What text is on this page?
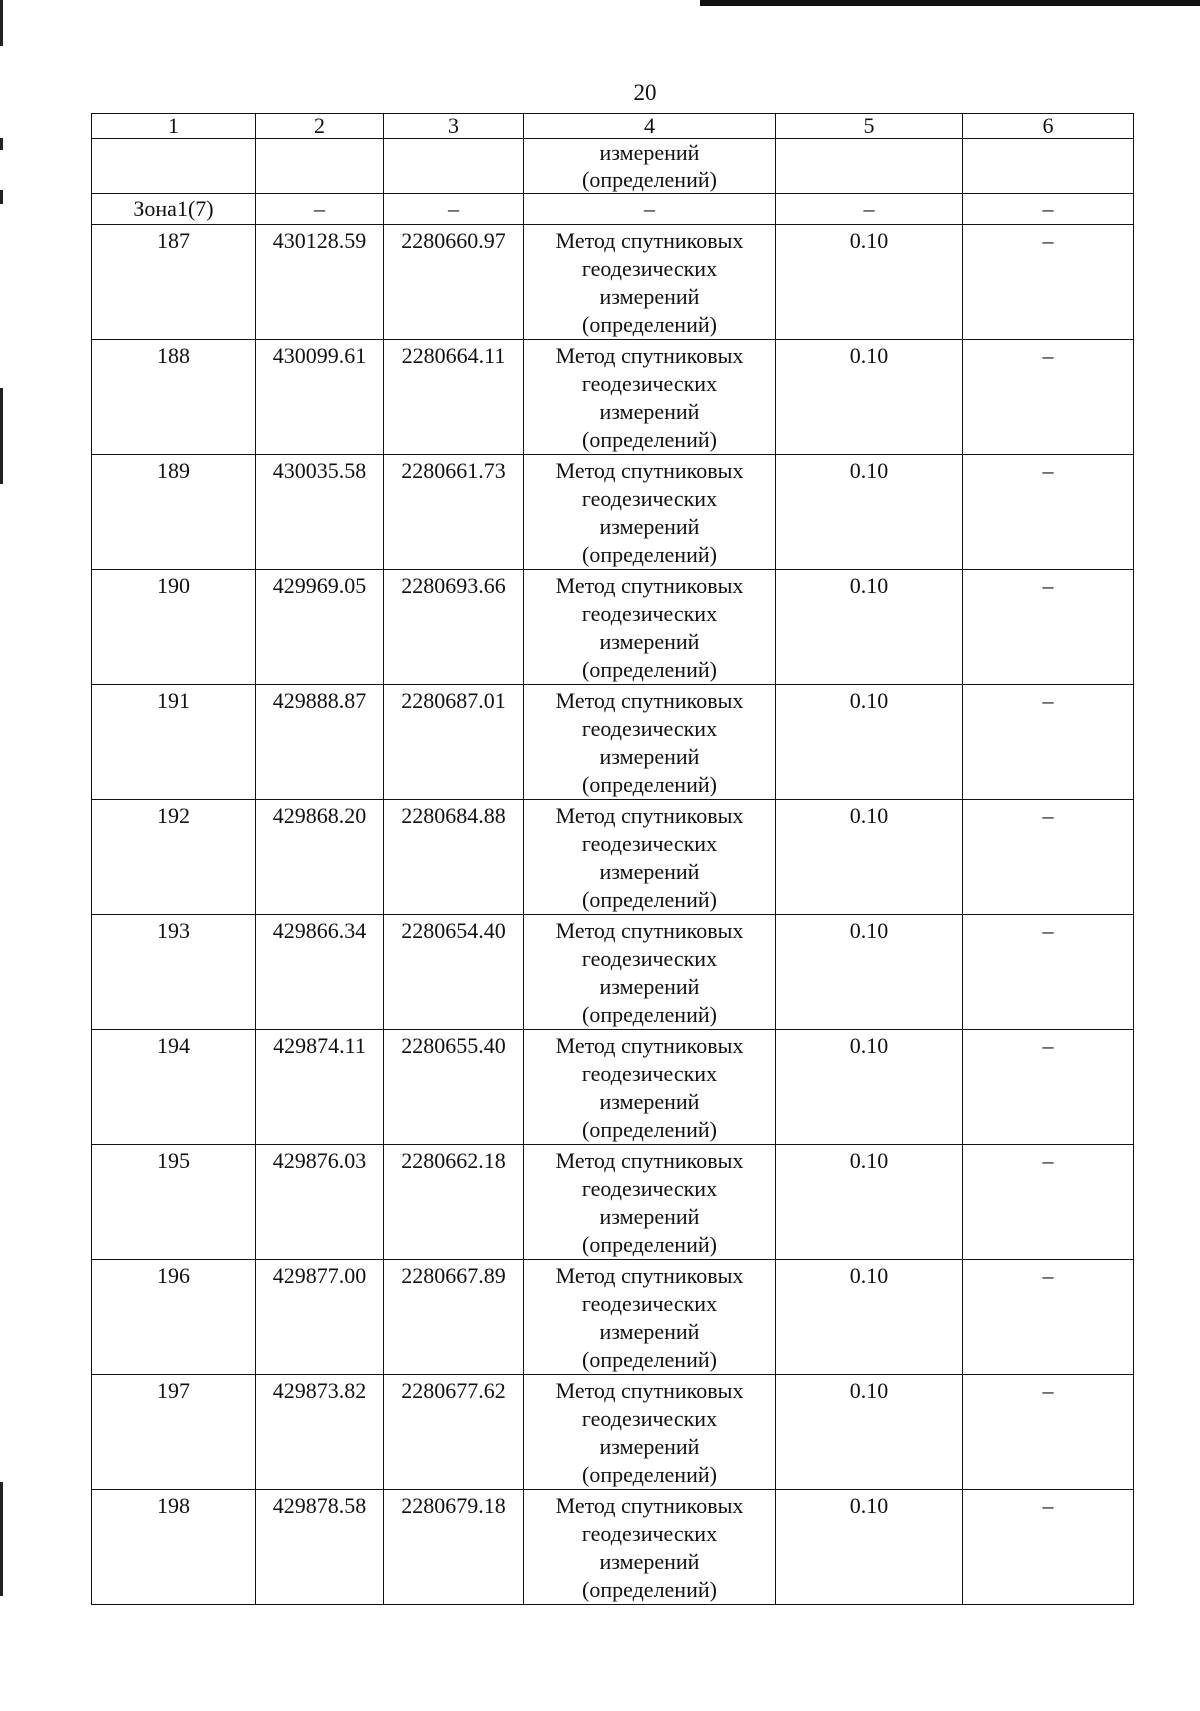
20
1	2	3	4	5	6

			измерений
(определений)		

Зона1(7)	–	–	–	–	–
187	430128.59	2280660.97	Метод спутниковых
геодезических
измерений
(определений)	0.10	–
188	430099.61	2280664.11	Метод спутниковых
геодезических
измерений
(определений)	0.10	–
189	430035.58	2280661.73	Метод спутниковых
геодезических
измерений
(определений)	0.10	–
190	429969.05	2280693.66	Метод спутниковых
геодезических
измерений
(определений)	0.10	–
191	429888.87	2280687.01	Метод спутниковых
геодезических
измерений
(определений)	0.10	–
192	429868.20	2280684.88	Метод спутниковых
геодезических
измерений
(определений)	0.10	–
193	429866.34	2280654.40	Метод спутниковых
геодезических
измерений
(определений)	0.10	–
194	429874.11	2280655.40	Метод спутниковых
геодезических
измерений
(определений)	0.10	–
195	429876.03	2280662.18	Метод спутниковых
геодезических
измерений
(определений)	0.10	–
196	429877.00	2280667.89	Метод спутниковых
геодезических
измерений
(определений)	0.10	–
197	429873.82	2280677.62	Метод спутниковых
геодезических
измерений
(определений)	0.10	–
198	429878.58	2280679.18	Метод спутниковых
геодезических
измерений
(определений)	0.10	–
